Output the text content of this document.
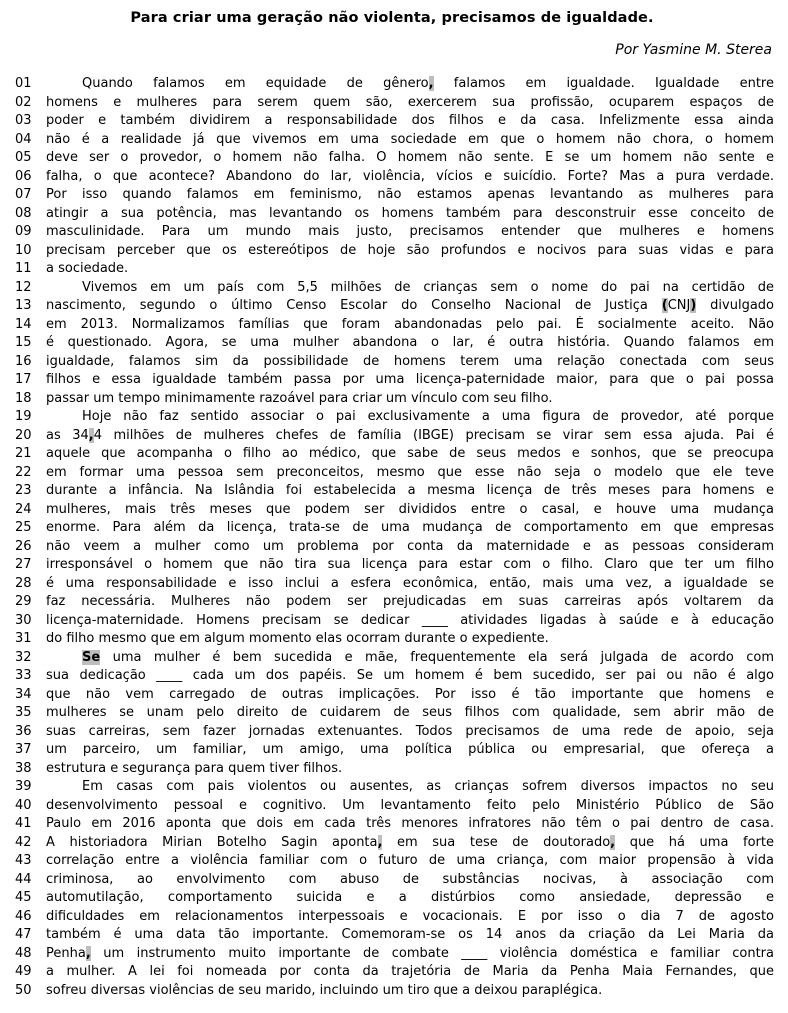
Para criar uma geração não violenta, precisamos de igualdade.
Por Yasmine M. Sterea
01	Quando falamos em equidade de gênero, falamos em igualdade. Igualdade entre
02	homens e mulheres para serem quem são, exercerem sua profissão, ocuparem espaços de
03	poder e também dividirem a responsabilidade dos filhos e da casa. Infelizmente essa ainda
04	não é a realidade já que vivemos em uma sociedade em que o homem não chora, o homem
05	deve ser o provedor, o homem não falha. O homem não sente. E se um homem não sente e
06	falha, o que acontece? Abandono do lar, violência, vícios e suicídio. Forte? Mas a pura verdade.
07	Por isso quando falamos em feminismo, não estamos apenas levantando as mulheres para
08	atingir a sua potência, mas levantando os homens também para desconstruir esse conceito de
09	masculinidade. Para um mundo mais justo, precisamos entender que mulheres e homens
10	precisam perceber que os estereótipos de hoje são profundos e nocivos para suas vidas e para
11	a sociedade.
12	Vivemos em um país com 5,5 milhões de crianças sem o nome do pai na certidão de
13	nascimento, segundo o último Censo Escolar do Conselho Nacional de Justiça (CNJ) divulgado
14	em 2013. Normalizamos famílias que foram abandonadas pelo pai. É socialmente aceito. Não
15	é questionado. Agora, se uma mulher abandona o lar, é outra história. Quando falamos em
16	igualdade, falamos sim da possibilidade de homens terem uma relação conectada com seus
17	filhos e essa igualdade também passa por uma licença-paternidade maior, para que o pai possa
18	passar um tempo minimamente razoável para criar um vínculo com seu filho.
19	Hoje não faz sentido associar o pai exclusivamente a uma figura de provedor, até porque
20	as 34,4 milhões de mulheres chefes de família (IBGE) precisam se virar sem essa ajuda. Pai é
21	aquele que acompanha o filho ao médico, que sabe de seus medos e sonhos, que se preocupa
22	em formar uma pessoa sem preconceitos, mesmo que esse não seja o modelo que ele teve
23	durante a infância. Na Islândia foi estabelecida a mesma licença de três meses para homens e
24	mulheres, mais três meses que podem ser divididos entre o casal, e houve uma mudança
25	enorme. Para além da licença, trata-se de uma mudança de comportamento em que empresas
26	não veem a mulher como um problema por conta da maternidade e as pessoas consideram
27	irresponsável o homem que não tira sua licença para estar com o filho. Claro que ter um filho
28	é uma responsabilidade e isso inclui a esfera econômica, então, mais uma vez, a igualdade se
29	faz necessária. Mulheres não podem ser prejudicadas em suas carreiras após voltarem da
30	licença-maternidade. Homens precisam se dedicar ____ atividades ligadas à saúde e à educação
31	do filho mesmo que em algum momento elas ocorram durante o expediente.
32	Se uma mulher é bem sucedida e mãe, frequentemente ela será julgada de acordo com
33	sua dedicação ____ cada um dos papéis. Se um homem é bem sucedido, ser pai ou não é algo
34	que não vem carregado de outras implicações. Por isso é tão importante que homens e
35	mulheres se unam pelo direito de cuidarem de seus filhos com qualidade, sem abrir mão de
36	suas carreiras, sem fazer jornadas extenuantes. Todos precisamos de uma rede de apoio, seja
37	um parceiro, um familiar, um amigo, uma política pública ou empresarial, que ofereça a
38	estrutura e segurança para quem tiver filhos.
39	Em casas com pais violentos ou ausentes, as crianças sofrem diversos impactos no seu
40	desenvolvimento pessoal e cognitivo. Um levantamento feito pelo Ministério Público de São
41	Paulo em 2016 aponta que dois em cada três menores infratores não têm o pai dentro de casa.
42	A historiadora Mirian Botelho Sagin aponta, em sua tese de doutorado, que há uma forte
43	correlação entre a violência familiar com o futuro de uma criança, com maior propensão à vida
44	criminosa, ao envolvimento com abuso de substâncias nocivas, à associação com
45	automutilação, comportamento suicida e a distúrbios como ansiedade, depressão e
46	dificuldades em relacionamentos interpessoais e vocacionais. E por isso o dia 7 de agosto
47	também é uma data tão importante. Comemoram-se os 14 anos da criação da Lei Maria da
48	Penha, um instrumento muito importante de combate ____ violência doméstica e familiar contra
49	a mulher. A lei foi nomeada por conta da trajetória de Maria da Penha Maia Fernandes, que
50	sofreu diversas violências de seu marido, incluindo um tiro que a deixou paraplégica.
